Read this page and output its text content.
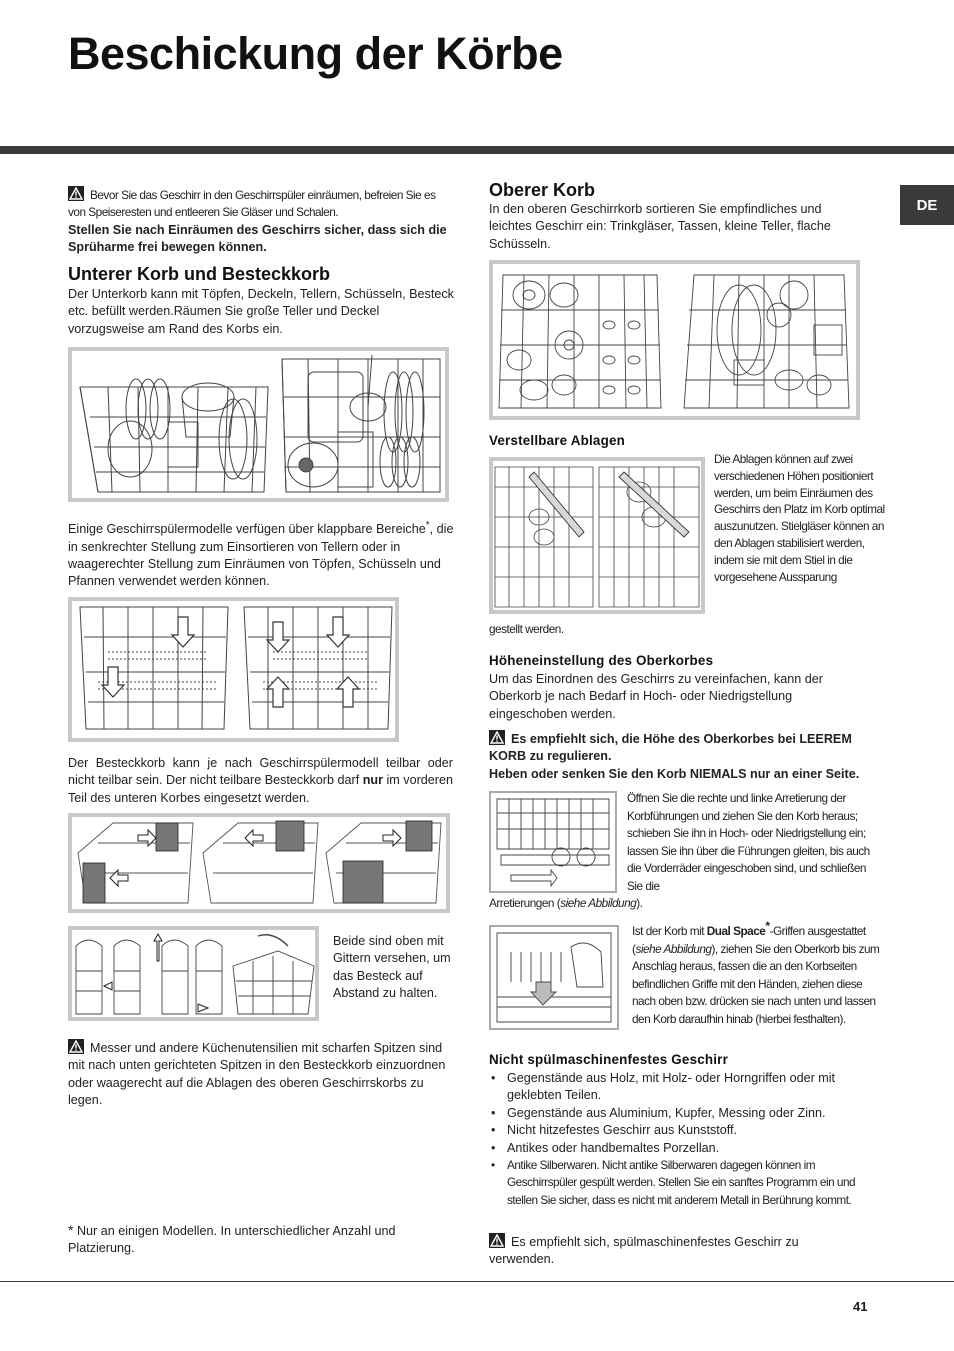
Beschickung der Körbe
DE
Bevor Sie das Geschirr in den Geschirrspüler einräumen, befreien Sie es von Speiseresten und entleeren Sie Gläser und Schalen.
Stellen Sie nach Einräumen des Geschirrs sicher, dass sich die Sprüharme frei bewegen können.

Unterer Korb und Besteckkorb

Der Unterkorb kann mit Töpfen, Deckeln, Tellern, Schüsseln, Besteck etc. befüllt werden.Räumen Sie große Teller und Deckel vorzugsweise am Rand des Korbs ein.
Einige Geschirrspülermodelle verfügen über klappbare Bereiche*, die in senkrechter Stellung zum Einsortieren von Tellern oder in waagerechter Stellung zum Einräumen von Töpfen, Schüsseln und Pfannen verwendet werden können.
Der Besteckkorb kann je nach Geschirrspülermodell teilbar oder nicht teilbar sein. Der nicht teilbare Besteckkorb darf nur im vorderen Teil des unteren Korbes eingesetzt werden.
Beide sind oben mit Gittern versehen, um das Besteck auf Abstand zu halten.
Messer und andere Küchenutensilien mit scharfen Spitzen sind mit nach unten gerichteten Spitzen in den Besteckkorb einzuordnen oder waagerecht auf die Ablagen des oberen Geschirrskorbs zu legen.
* Nur an einigen Modellen. In unterschiedlicher Anzahl und Platzierung.

Oberer Korb

In den oberen Geschirrkorb sortieren Sie empfindliches und leichtes Geschirr ein: Trinkgläser, Tassen, kleine Teller, flache Schüsseln.

Verstellbare Ablagen

Die Ablagen können auf zwei verschiedenen Höhen positioniert werden, um beim Einräumen des Geschirrs den Platz im Korb optimal auszunutzen. Stielgläser können an den Ablagen stabilisiert werden, indem sie mit dem Stiel in die vorgesehene Aussparung
gestellt werden.

Höheneinstellung des Oberkorbes

Um das Einordnen des Geschirrs zu vereinfachen, kann der Oberkorb je nach Bedarf in Hoch- oder Niedrigstellung eingeschoben werden.
Es empfiehlt sich, die Höhe des Oberkorbes bei LEEREM KORB zu regulieren.
Heben oder senken Sie den Korb NIEMALS nur an einer Seite.
Öffnen Sie die rechte und linke Arretierung der Korbführungen und ziehen Sie den Korb heraus; schieben Sie ihn in Hoch- oder Niedrigstellung ein; lassen Sie ihn über die Führungen gleiten, bis auch die Vorderräder eingeschoben sind, und schließen Sie die
Arretierungen (siehe Abbildung).
Ist der Korb mit Dual Space*-Griffen ausgestattet (siehe Abbildung), ziehen Sie den Oberkorb bis zum Anschlag heraus, fassen die an den Korbseiten befindlichen Griffe mit den Händen, ziehen diese nach oben bzw. drücken sie nach unten und lassen den Korb daraufhin hinab (hierbei festhalten).

Nicht spülmaschinenfestes Geschirr

• Gegenstände aus Holz, mit Holz- oder Horngriffen oder mit geklebten Teilen.
• Gegenstände aus Aluminium, Kupfer, Messing oder Zinn.
• Nicht hitzefestes Geschirr aus Kunststoff.
• Antikes oder handbemaltes Porzellan.
• Antike Silberwaren. Nicht antike Silberwaren dagegen können im Geschirrspüler gespült werden. Stellen Sie ein sanftes Programm ein und stellen Sie sicher, dass es nicht mit anderem Metall in Berührung kommt.
Es empfiehlt sich, spülmaschinenfestes Geschirr zu verwenden.
41
